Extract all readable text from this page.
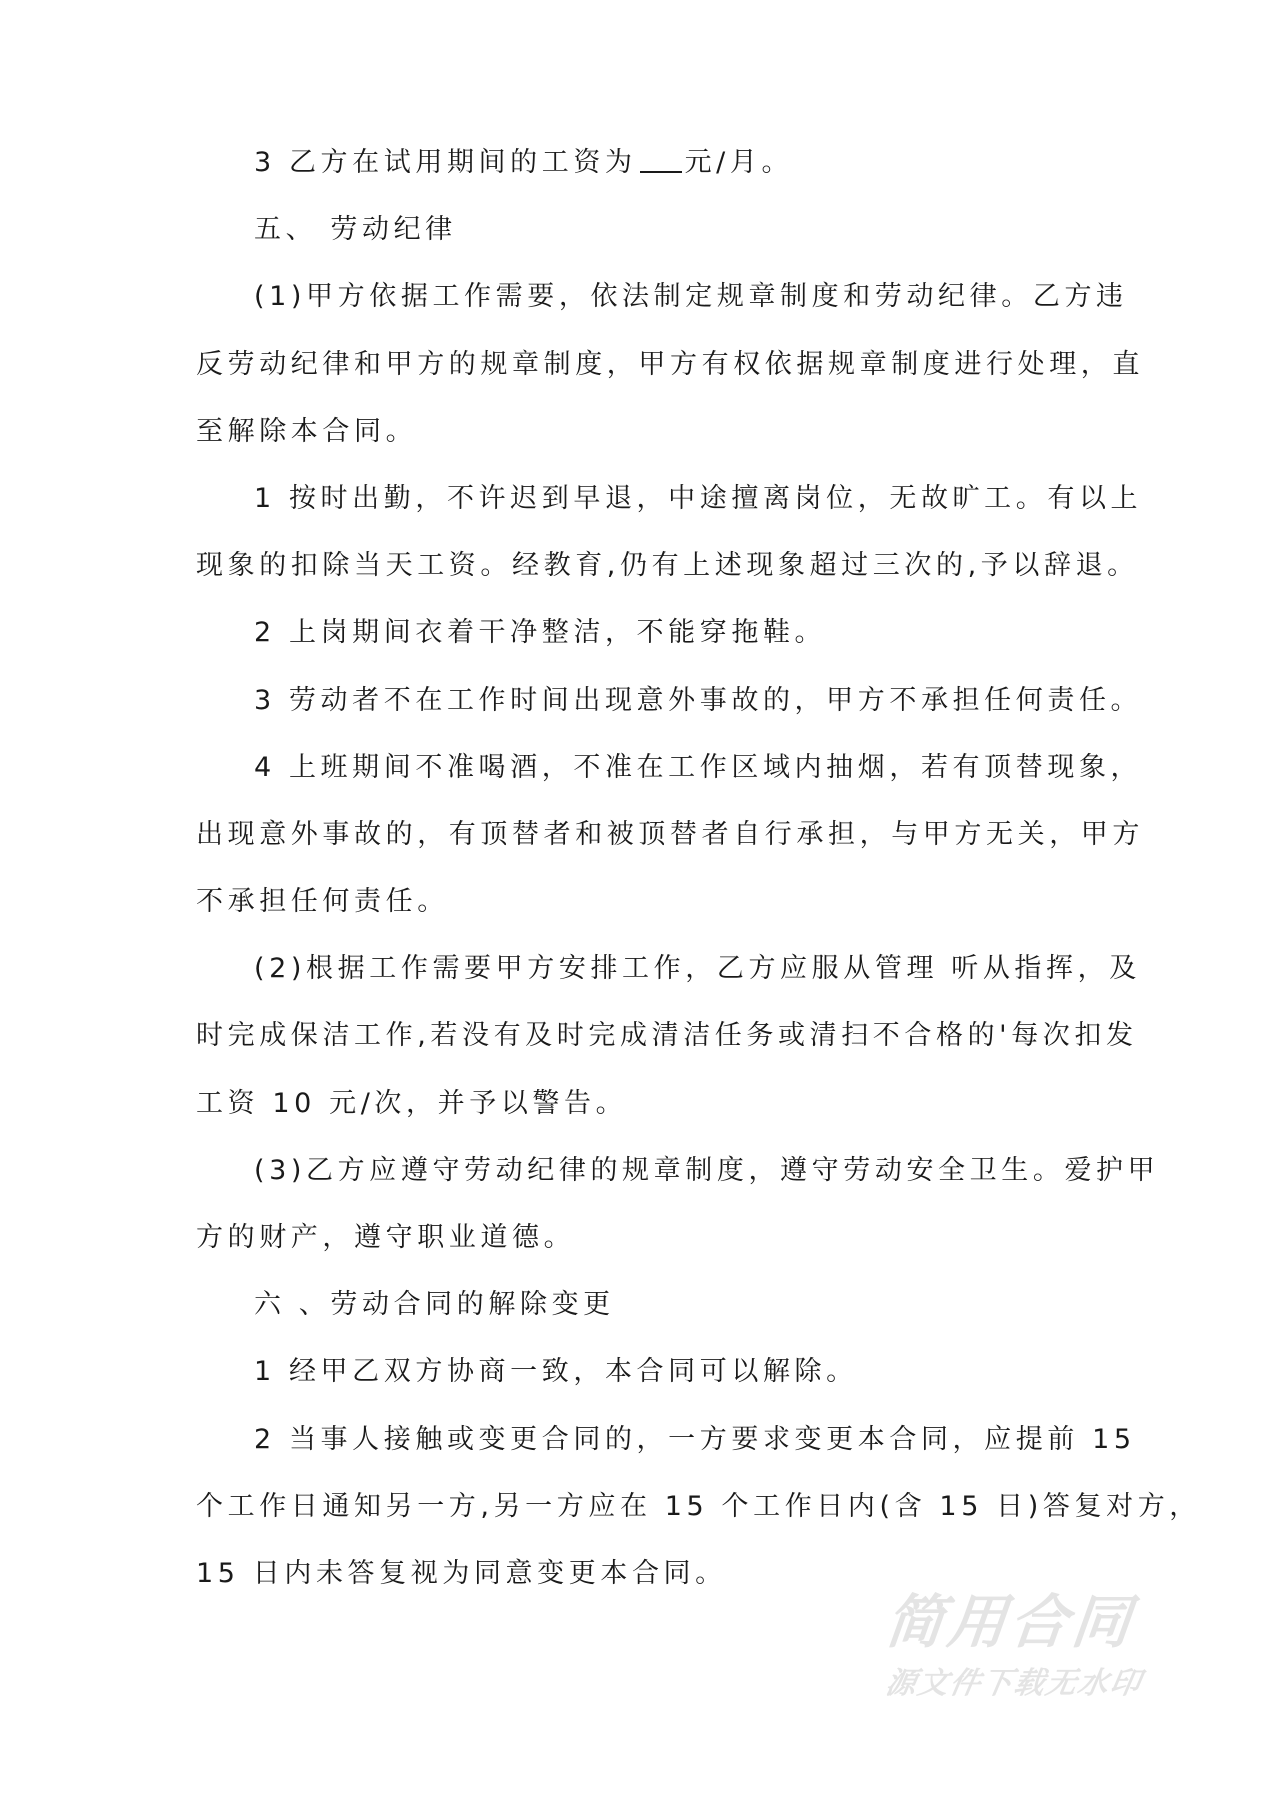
3 乙方在试用期间的工资为 元/月。
五、 劳动纪律
(1)甲方依据工作需要，依法制定规章制度和劳动纪律。乙方违
反劳动纪律和甲方的规章制度，甲方有权依据规章制度进行处理，直
至解除本合同。
1 按时出勤，不许迟到早退，中途擅离岗位，无故旷工。有以上
现象的扣除当天工资。经教育,仍有上述现象超过三次的,予以辞退。
2 上岗期间衣着干净整洁，不能穿拖鞋。
3 劳动者不在工作时间出现意外事故的，甲方不承担任何责任。
4 上班期间不准喝酒，不准在工作区域内抽烟，若有顶替现象，
出现意外事故的，有顶替者和被顶替者自行承担，与甲方无关，甲方
不承担任何责任。
(2)根据工作需要甲方安排工作，乙方应服从管理 听从指挥，及
时完成保洁工作,若没有及时完成清洁任务或清扫不合格的'每次扣发
工资 10 元/次，并予以警告。
(3)乙方应遵守劳动纪律的规章制度，遵守劳动安全卫生。爱护甲
方的财产，遵守职业道德。
六 、劳动合同的解除变更
1 经甲乙双方协商一致，本合同可以解除。
2 当事人接触或变更合同的，一方要求变更本合同，应提前 15
个工作日通知另一方,另一方应在 15 个工作日内(含 15 日)答复对方，
15 日内未答复视为同意变更本合同。
简用合同
源文件下载无水印
